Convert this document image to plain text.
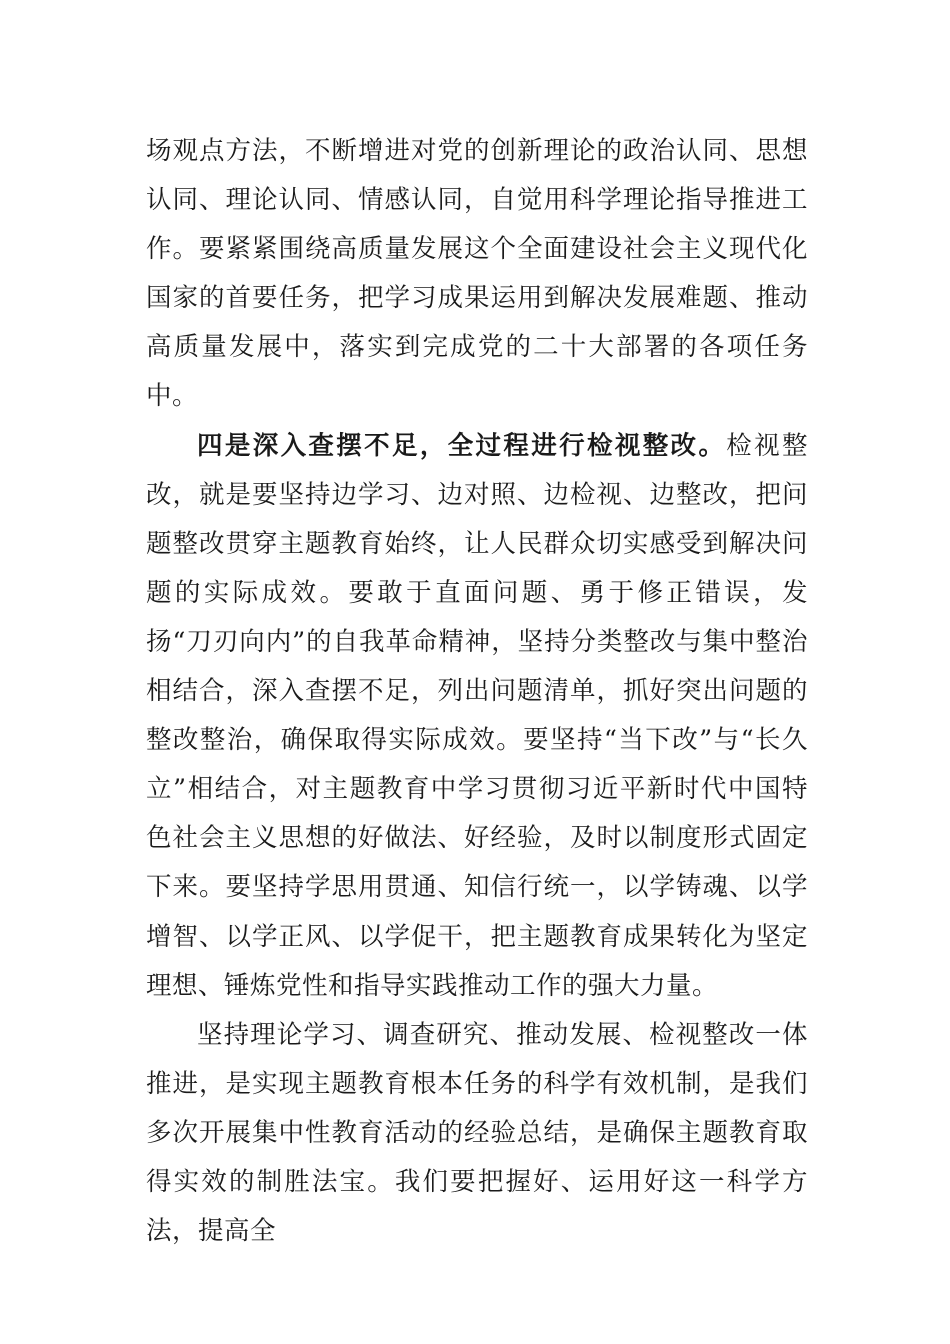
场观点方法，不断增进对党的创新理论的政治认同、思想认同、理论认同、情感认同，自觉用科学理论指导推进工作。要紧紧围绕高质量发展这个全面建设社会主义现代化国家的首要任务，把学习成果运用到解决发展难题、推动高质量发展中，落实到完成党的二十大部署的各项任务中。

四是深入查摆不足，全过程进行检视整改。检视整改，就是要坚持边学习、边对照、边检视、边整改，把问题整改贯穿主题教育始终，让人民群众切实感受到解决问题的实际成效。要敢于直面问题、勇于修正错误，发扬“刀刃向内”的自我革命精神，坚持分类整改与集中整治相结合，深入查摆不足，列出问题清单，抓好突出问题的整改整治，确保取得实际成效。要坚持“当下改”与“长久立”相结合，对主题教育中学习贯彻习近平新时代中国特色社会主义思想的好做法、好经验，及时以制度形式固定下来。要坚持学思用贯通、知信行统一，以学铸魂、以学增智、以学正风、以学促干，把主题教育成果转化为坚定理想、锤炼党性和指导实践推动工作的强大力量。

坚持理论学习、调查研究、推动发展、检视整改一体推进，是实现主题教育根本任务的科学有效机制，是我们多次开展集中性教育活动的经验总结，是确保主题教育取得实效的制胜法宝。我们要把握好、运用好这一科学方法，提高全
